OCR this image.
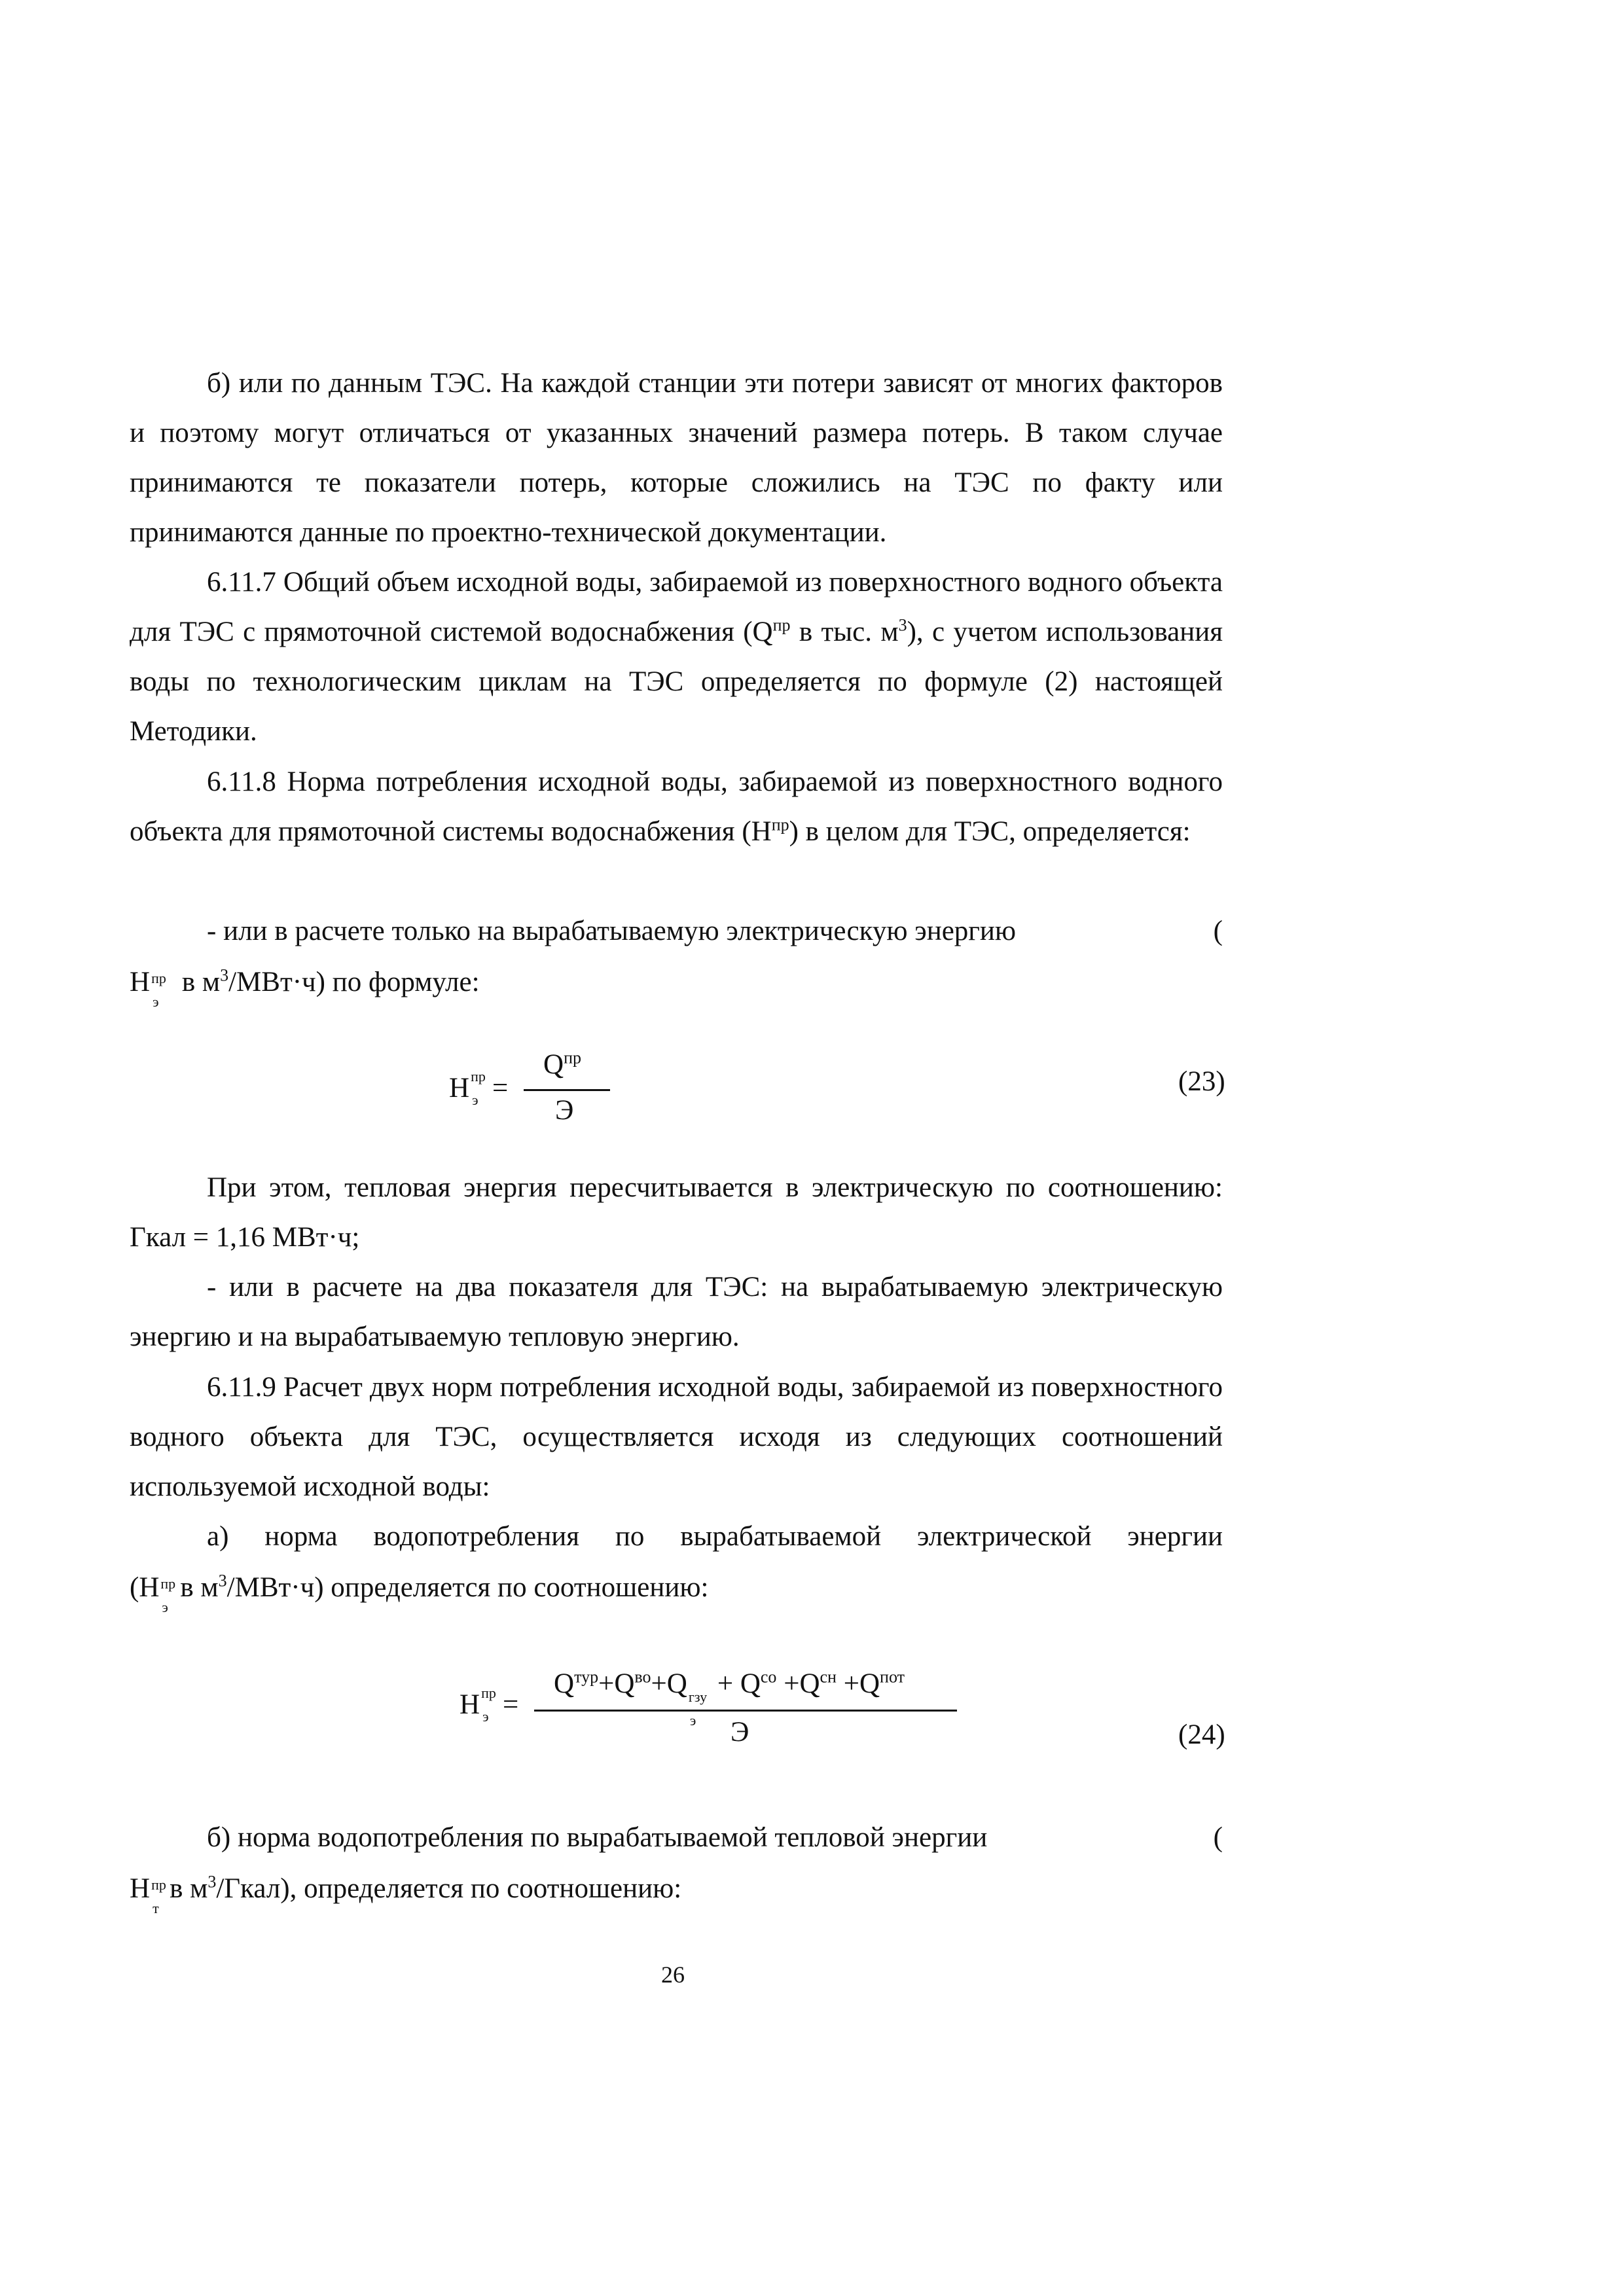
б) или по данным ТЭС. На каждой станции эти потери зависят от многих факторов и поэтому могут отличаться от указанных значений размера потерь. В таком случае принимаются те показатели потерь, которые сложились на ТЭС по факту или принимаются данные по проектно-технической документации.

6.11.7 Общий объем исходной воды, забираемой из поверхностного водного объекта для ТЭС с прямоточной системой водоснабжения ($Q^{пр}$ в тыс. $м^3$), с учетом использования воды по технологическим циклам на ТЭС определяется по формуле (2) настоящей Методики.

6.11.8 Норма потребления исходной воды, забираемой из поверхностного водного объекта для прямоточной системы водоснабжения $(Н^{пр})$ в целом для ТЭС, определяется:

- или в расчете только на вырабатываемую электрическую энергию	(
Н пр
э
в $м^3/МВт\cdot ч$) по формуле:
Н пр
э =
$Q^{пр}$
Э
(23)

При этом, тепловая энергия пересчитывается в электрическую по соотношению: Гкал = 1,16 МВт·ч;

- или в расчете на два показателя для ТЭС: на вырабатываемую электрическую энергию и на вырабатываемую тепловую энергию.

6.11.9 Расчет двух норм потребления исходной воды, забираемой из поверхностного водного объекта для ТЭС, осуществляется исходя из следующих соотношений используемой исходной воды:

а) норма водопотребления по вырабатываемой электрической энергии

(Н пр
э
в $м^3/МВт\cdot ч$) определяется по соотношению:
Н пр
э =
$Q^{тур}+Q^{во}+Q$ гзу
э
+ $Q^{со} +Q^{сн} +Q^{пот}$
Э	(24)
б) норма водопотребления по вырабатываемой тепловой энергии	(
Н пр
т
в $м^3/Гкал$), определяется по соотношению:
26
